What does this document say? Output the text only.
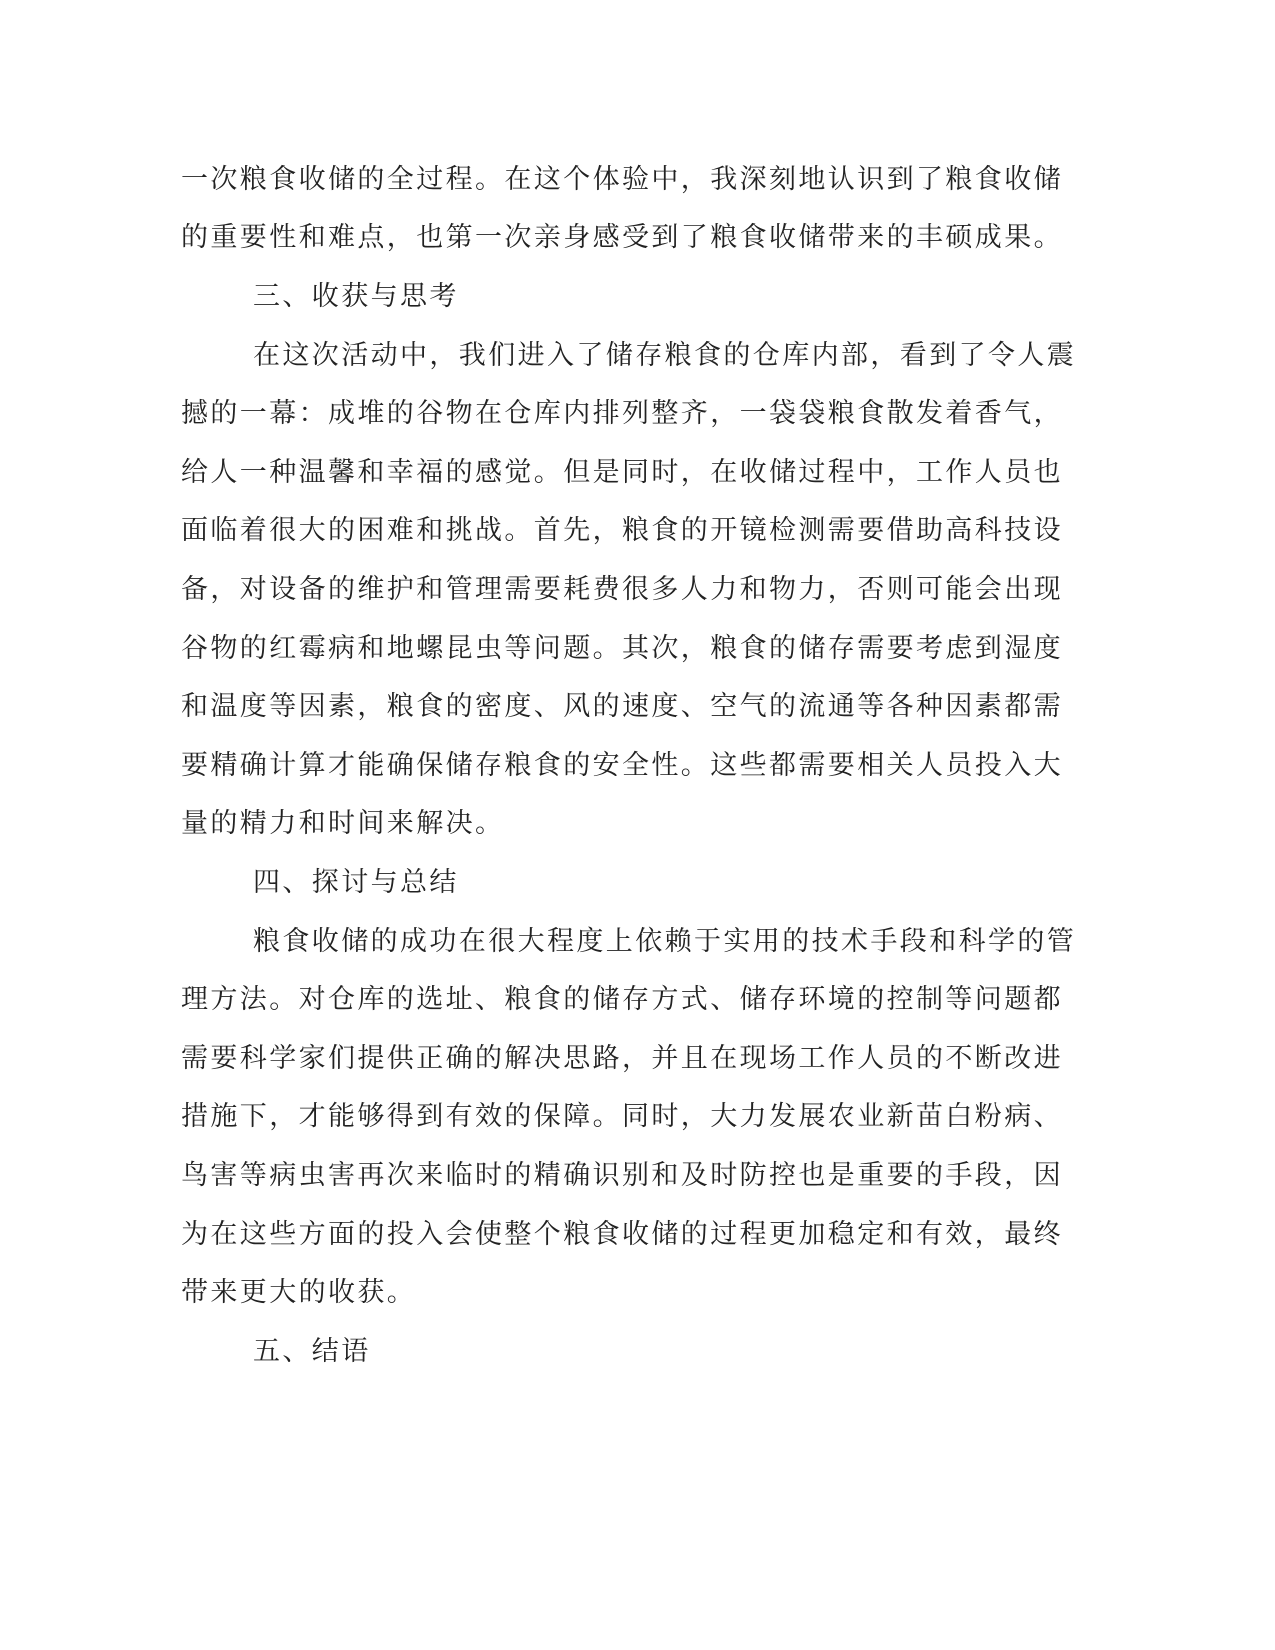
一次粮食收储的全过程。在这个体验中，我深刻地认识到了粮食收储
的重要性和难点，也第一次亲身感受到了粮食收储带来的丰硕成果。
三、收获与思考
在这次活动中，我们进入了储存粮食的仓库内部，看到了令人震
撼的一幕：成堆的谷物在仓库内排列整齐，一袋袋粮食散发着香气，
给人一种温馨和幸福的感觉。但是同时，在收储过程中，工作人员也
面临着很大的困难和挑战。首先，粮食的开镜检测需要借助高科技设
备，对设备的维护和管理需要耗费很多人力和物力，否则可能会出现
谷物的红霉病和地螺昆虫等问题。其次，粮食的储存需要考虑到湿度
和温度等因素，粮食的密度、风的速度、空气的流通等各种因素都需
要精确计算才能确保储存粮食的安全性。这些都需要相关人员投入大
量的精力和时间来解决。
四、探讨与总结
粮食收储的成功在很大程度上依赖于实用的技术手段和科学的管
理方法。对仓库的选址、粮食的储存方式、储存环境的控制等问题都
需要科学家们提供正确的解决思路，并且在现场工作人员的不断改进
措施下，才能够得到有效的保障。同时，大力发展农业新苗白粉病、
鸟害等病虫害再次来临时的精确识别和及时防控也是重要的手段，因
为在这些方面的投入会使整个粮食收储的过程更加稳定和有效，最终
带来更大的收获。
五、结语
